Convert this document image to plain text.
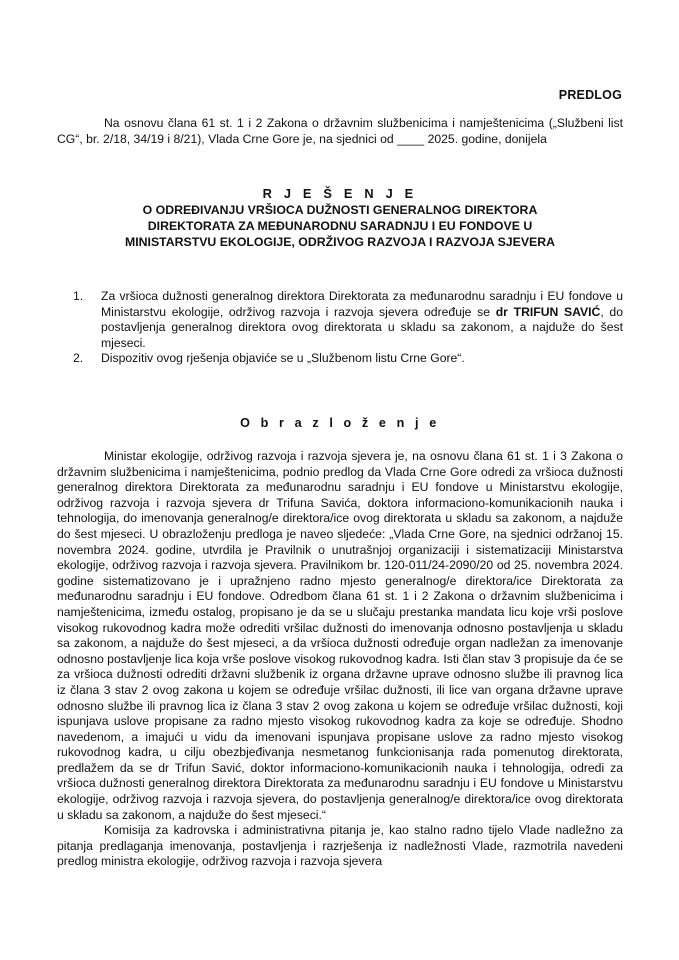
PREDLOG
Na osnovu člana 61 st. 1 i 2 Zakona o državnim službenicima i namještenicima („Službeni list CG“, br. 2/18, 34/19 i 8/21), Vlada Crne Gore je, na sjednici od ____ 2025. godine, donijela
R J E Š E N J E
O ODREĐIVANJU VRŠIOCA DUŽNOSTI GENERALNOG DIREKTORA
DIREKTORATA ZA MEĐUNARODNU SARADNJU I EU FONDOVE U
MINISTARSTVU EKOLOGIJE, ODRŽIVOG RAZVOJA I RAZVOJA SJEVERA
1. Za vršioca dužnosti generalnog direktora Direktorata za međunarodnu saradnju i EU fondove u Ministarstvu ekologije, održivog razvoja i razvoja sjevera određuje se dr TRIFUN SAVIĆ, do postavljenja generalnog direktora ovog direktorata u skladu sa zakonom, a najduže do šest mjeseci.
2. Dispozitiv ovog rješenja objaviće se u „Službenom listu Crne Gore“.
O b r a z l o ž e n j e

Ministar ekologije, održivog razvoja i razvoja sjevera je, na osnovu člana 61 st. 1 i 3 Zakona o državnim službenicima i namještenicima, podnio predlog da Vlada Crne Gore odredi za vršioca dužnosti generalnog direktora Direktorata za međunarodnu saradnju i EU fondove u Ministarstvu ekologije, održivog razvoja i razvoja sjevera dr Trifuna Savića, doktora informaciono-komunikacionih nauka i tehnologija, do imenovanja generalnog/e direktora/ice ovog direktorata u skladu sa zakonom, a najduže do šest mjeseci. U obrazloženju predloga je naveo sljedeće: „Vlada Crne Gore, na sjednici održanoj 15. novembra 2024. godine, utvrdila je Pravilnik o unutrašnjoj organizaciji i sistematizaciji Ministarstva ekologije, održivog razvoja i razvoja sjevera. Pravilnikom br. 120-011/24-2090/20 od 25. novembra 2024. godine sistematizovano je i upražnjeno radno mjesto generalnog/e direktora/ice Direktorata za međunarodnu saradnju i EU fondove. Odredbom člana 61 st. 1 i 2 Zakona o državnim službenicima i namještenicima, između ostalog, propisano je da se u slučaju prestanka mandata licu koje vrši poslove visokog rukovodnog kadra može odrediti vršilac dužnosti do imenovanja odnosno postavljenja u skladu sa zakonom, a najduže do šest mjeseci, a da vršioca dužnosti određuje organ nadležan za imenovanje odnosno postavljenje lica koja vrše poslove visokog rukovodnog kadra. Isti član stav 3 propisuje da će se za vršioca dužnosti odrediti državni službenik iz organa državne uprave odnosno službe ili pravnog lica iz člana 3 stav 2 ovog zakona u kojem se određuje vršilac dužnosti, ili lice van organa državne uprave odnosno službe ili pravnog lica iz člana 3 stav 2 ovog zakona u kojem se određuje vršilac dužnosti, koji ispunjava uslove propisane za radno mjesto visokog rukovodnog kadra za koje se određuje. Shodno navedenom, a imajući u vidu da imenovani ispunjava propisane uslove za radno mjesto visokog rukovodnog kadra, u cilju obezbjeđivanja nesmetanog funkcionisanja rada pomenutog direktorata, predlažem da se dr Trifun Savić, doktor informaciono-komunikacionih nauka i tehnologija, odredi za vršioca dužnosti generalnog direktora Direktorata za međunarodnu saradnju i EU fondove u Ministarstvu ekologije, održivog razvoja i razvoja sjevera, do postavljenja generalnog/e direktora/ice ovog direktorata u skladu sa zakonom, a najduže do šest mjeseci.“

Komisija za kadrovska i administrativna pitanja je, kao stalno radno tijelo Vlade nadležno za pitanja predlaganja imenovanja, postavljenja i razrješenja iz nadležnosti Vlade, razmotrila navedeni predlog ministra ekologije, održivog razvoja i razvoja sjevera
